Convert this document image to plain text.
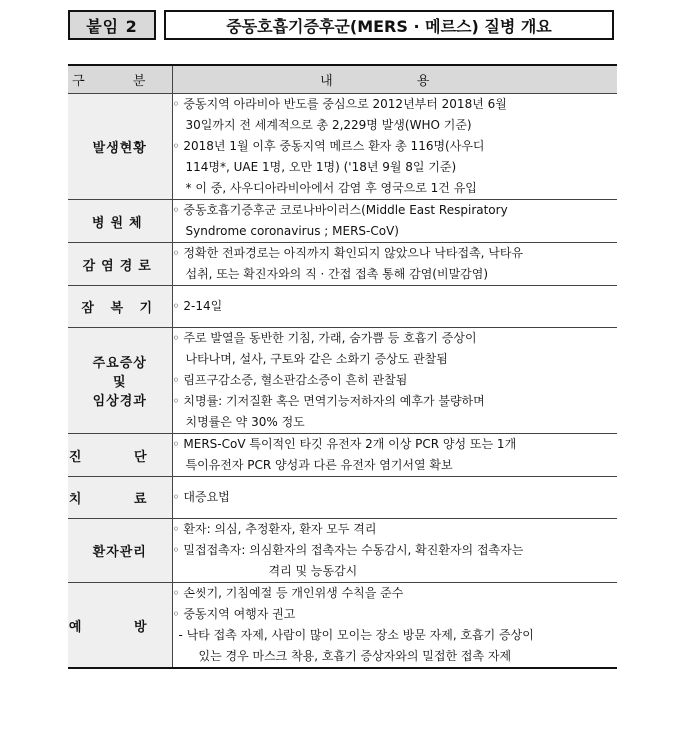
붙임 2	중동호흡기증후군(MERS · 메르스) 질병 개요
구 분	내 용
발생현황	◦ 중동지역 아라비아 반도를 중심으로 2012년부터 2018년 6월
30일까지 전 세계적으로 총 2,229명 발생(WHO 기준)
◦ 2018년 1월 이후 중동지역 메르스 환자 총 116명(사우디
114명*, UAE 1명, 오만 1명) ('18년 9월 8일 기준)
* 이 중, 사우디아라비아에서 감염 후 영국으로 1건 유입

병원체	◦ 중동호흡기증후군 코로나바이러스(Middle East Respiratory
Syndrome coronavirus ; MERS-CoV)

감염경로	◦ 정확한 전파경로는 아직까지 확인되지 않았으나 낙타접촉, 낙타유
섭취, 또는 확진자와의 직 · 간접 접촉 통해 감염(비말감염)

잠 복 기	◦ 2-14일

주요증상
및
임상경과	◦ 주로 발열을 동반한 기침, 가래, 숨가쁨 등 호흡기 증상이
나타나며, 설사, 구토와 같은 소화기 증상도 관찰됨
◦ 림프구감소증, 혈소판감소증이 흔히 관찰됨
◦ 치명률: 기저질환 혹은 면역기능저하자의 예후가 불량하며
치명률은 약 30% 정도

진 단	◦ MERS-CoV 특이적인 타깃 유전자 2개 이상 PCR 양성 또는 1개
특이유전자 PCR 양성과 다른 유전자 염기서열 확보

치 료	◦ 대증요법

환자관리	◦ 환자: 의심, 추정환자, 환자 모두 격리
◦ 밀접접촉자: 의심환자의 접촉자는 수동감시, 확진환자의 접촉자는
격리 및 능동감시

예 방	◦ 손씻기, 기침예절 등 개인위생 수칙을 준수
◦ 중동지역 여행자 권고
- 낙타 접촉 자제, 사람이 많이 모이는 장소 방문 자제, 호흡기 증상이
있는 경우 마스크 착용, 호흡기 증상자와의 밀접한 접촉 자제
